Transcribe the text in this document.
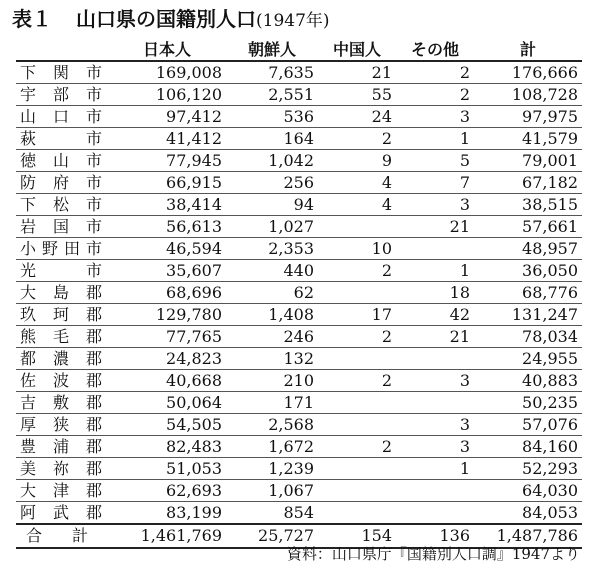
表１ 山口県の国籍別人口(1947年)
	日本人	朝鮮人	中国人	その他	計
下関市	169,008	7,635	21	2	176,666
宇部市	106,120	2,551	55	2	108,728
山口市	97,412	536	24	3	97,975
萩市	41,412	164	2	1	41,579
徳山市	77,945	1,042	9	5	79,001
防府市	66,915	256	4	7	67,182
下松市	38,414	94	4	3	38,515
岩国市	56,613	1,027		21	57,661
小野田市	46,594	2,353	10		48,957
光市	35,607	440	2	1	36,050
大島郡	68,696	62		18	68,776
玖珂郡	129,780	1,408	17	42	131,247
熊毛郡	77,765	246	2	21	78,034
都濃郡	24,823	132			24,955
佐波郡	40,668	210	2	3	40,883
吉敷郡	50,064	171			50,235
厚狭郡	54,505	2,568		3	57,076
豊浦郡	82,483	1,672	2	3	84,160
美祢郡	51,053	1,239		1	52,293
大津郡	62,693	1,067			64,030
阿武郡	83,199	854			84,053
合計	1,461,769	25,727	154	136	1,487,786
資料：山口県庁『国籍別人口調』1947より
